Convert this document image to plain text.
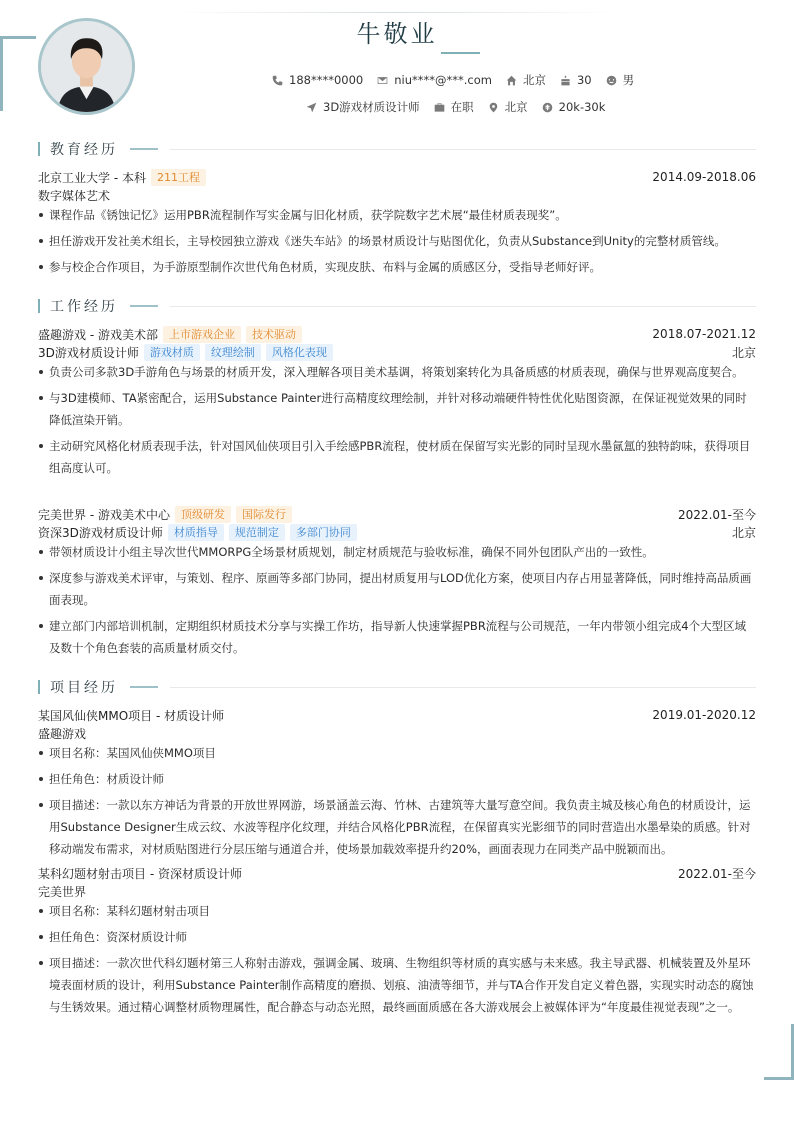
牛敬业
188****0000	niu****@***.com	北京	30	男
3D游戏材质设计师	在职	北京	20k-30k
教育经历
北京工业大学 - 本科	211工程	2014.09-2018.06
数字媒体艺术
课程作品《锈蚀记忆》运用PBR流程制作写实金属与旧化材质，获学院数字艺术展“最佳材质表现奖”。
担任游戏开发社美术组长，主导校园独立游戏《迷失车站》的场景材质设计与贴图优化，负责从Substance到Unity的完整材质管线。
参与校企合作项目，为手游原型制作次世代角色材质，实现皮肤、布料与金属的质感区分，受指导老师好评。
工作经历
盛趣游戏 - 游戏美术部	上市游戏企业	技术驱动	2018.07-2021.12
3D游戏材质设计师	游戏材质	纹理绘制	风格化表现	北京
负责公司多款3D手游角色与场景的材质开发，深入理解各项目美术基调，将策划案转化为具备质感的材质表现，确保与世界观高度契合。
与3D建模师、TA紧密配合，运用Substance Painter进行高精度纹理绘制，并针对移动端硬件特性优化贴图资源，在保证视觉效果的同时降低渲染开销。
主动研究风格化材质表现手法，针对国风仙侠项目引入手绘感PBR流程，使材质在保留写实光影的同时呈现水墨氤氲的独特韵味，获得项目组高度认可。
完美世界 - 游戏美术中心	顶级研发	国际发行	2022.01-至今
资深3D游戏材质设计师	材质指导	规范制定	多部门协同	北京
带领材质设计小组主导次世代MMORPG全场景材质规划，制定材质规范与验收标准，确保不同外包团队产出的一致性。
深度参与游戏美术评审，与策划、程序、原画等多部门协同，提出材质复用与LOD优化方案，使项目内存占用显著降低，同时维持高品质画面表现。
建立部门内部培训机制，定期组织材质技术分享与实操工作坊，指导新人快速掌握PBR流程与公司规范，一年内带领小组完成4个大型区域及数十个角色套装的高质量材质交付。
项目经历
某国风仙侠MMO项目 - 材质设计师	2019.01-2020.12
盛趣游戏
项目名称：某国风仙侠MMO项目
担任角色：材质设计师
项目描述：一款以东方神话为背景的开放世界网游，场景涵盖云海、竹林、古建筑等大量写意空间。我负责主城及核心角色的材质设计，运用Substance Designer生成云纹、水波等程序化纹理，并结合风格化PBR流程，在保留真实光影细节的同时营造出水墨晕染的质感。针对移动端发布需求，对材质贴图进行分层压缩与通道合并，使场景加载效率提升约20%，画面表现力在同类产品中脱颖而出。
某科幻题材射击项目 - 资深材质设计师	2022.01-至今
完美世界
项目名称：某科幻题材射击项目
担任角色：资深材质设计师
项目描述：一款次世代科幻题材第三人称射击游戏，强调金属、玻璃、生物组织等材质的真实感与未来感。我主导武器、机械装置及外星环境表面材质的设计，利用Substance Painter制作高精度的磨损、划痕、油渍等细节，并与TA合作开发自定义着色器，实现实时动态的腐蚀与生锈效果。通过精心调整材质物理属性，配合静态与动态光照，最终画面质感在各大游戏展会上被媒体评为“年度最佳视觉表现”之一。
